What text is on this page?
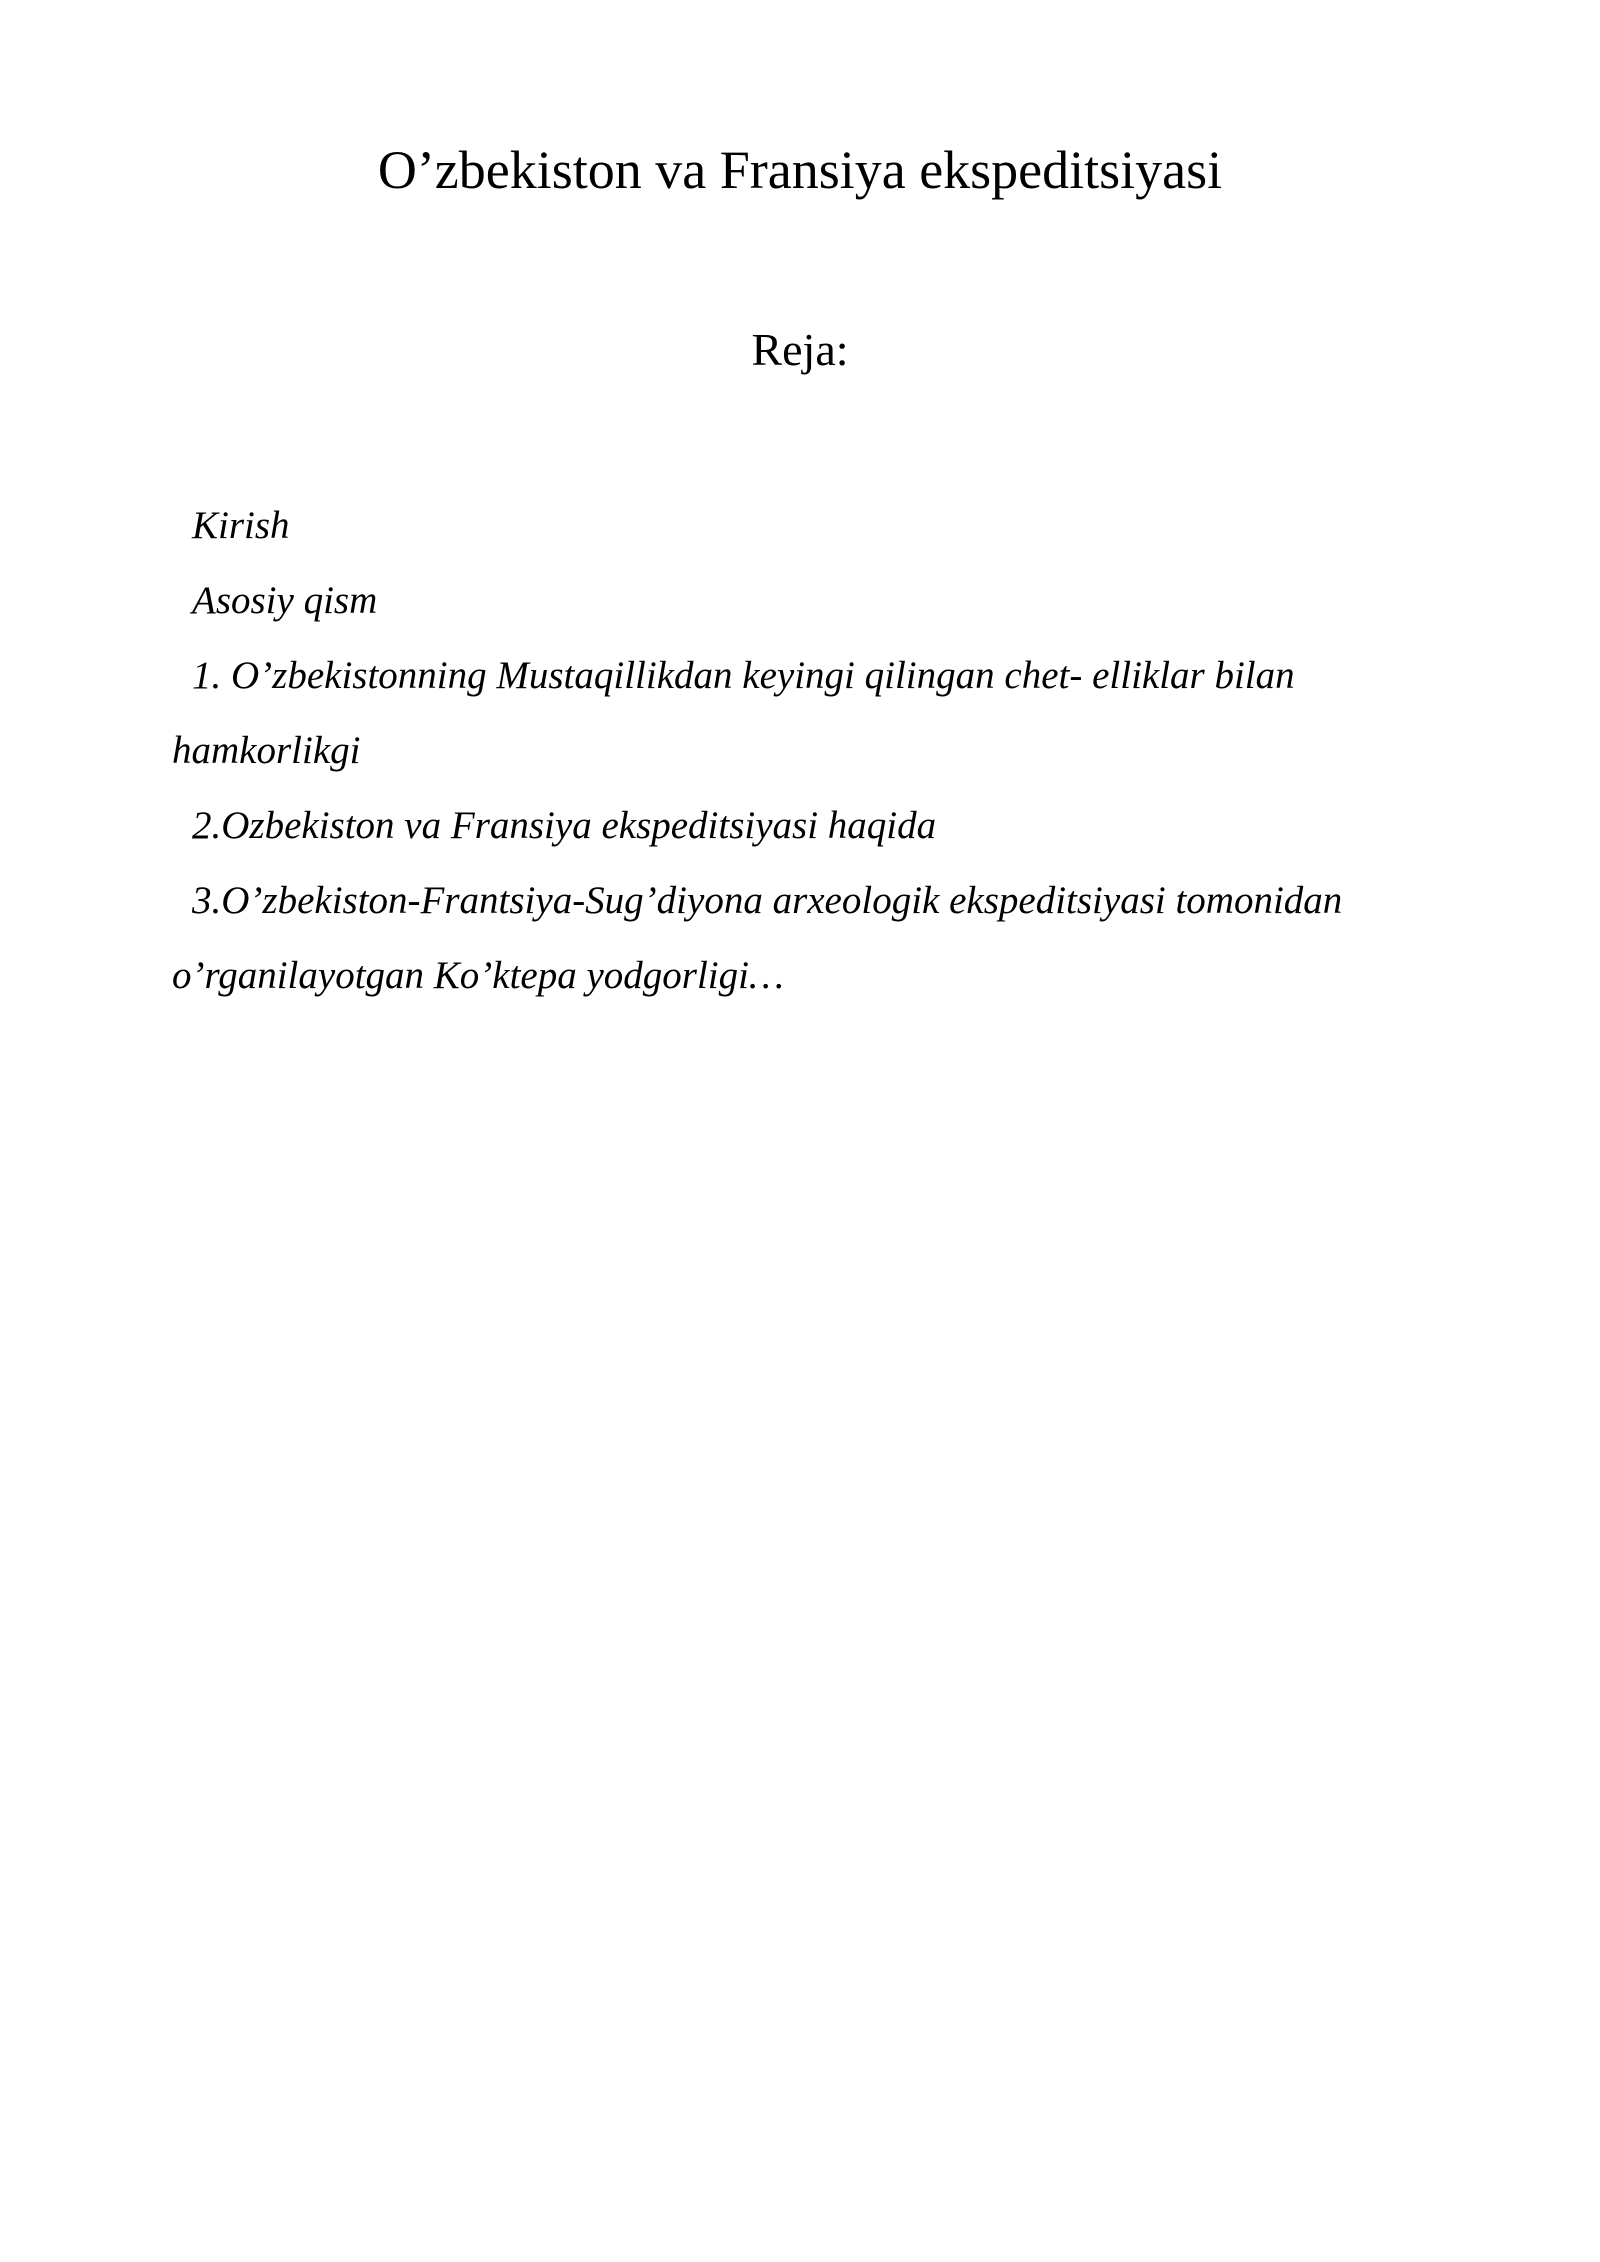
O’zbekiston va Fransiya ekspeditsiyasi
Reja:
Kirish
Asosiy qism
1. O’zbekistonning Mustaqillikdan keyingi qilingan chet- elliklar bilan
hamkorlikgi
2.Ozbekiston va Fransiya ekspeditsiyasi haqida
3.O’zbekiston-Frantsiya-Sug’diyona arxeologik ekspeditsiyasi tomonidan
o’rganilayotgan Ko’ktepa yodgorligi…
